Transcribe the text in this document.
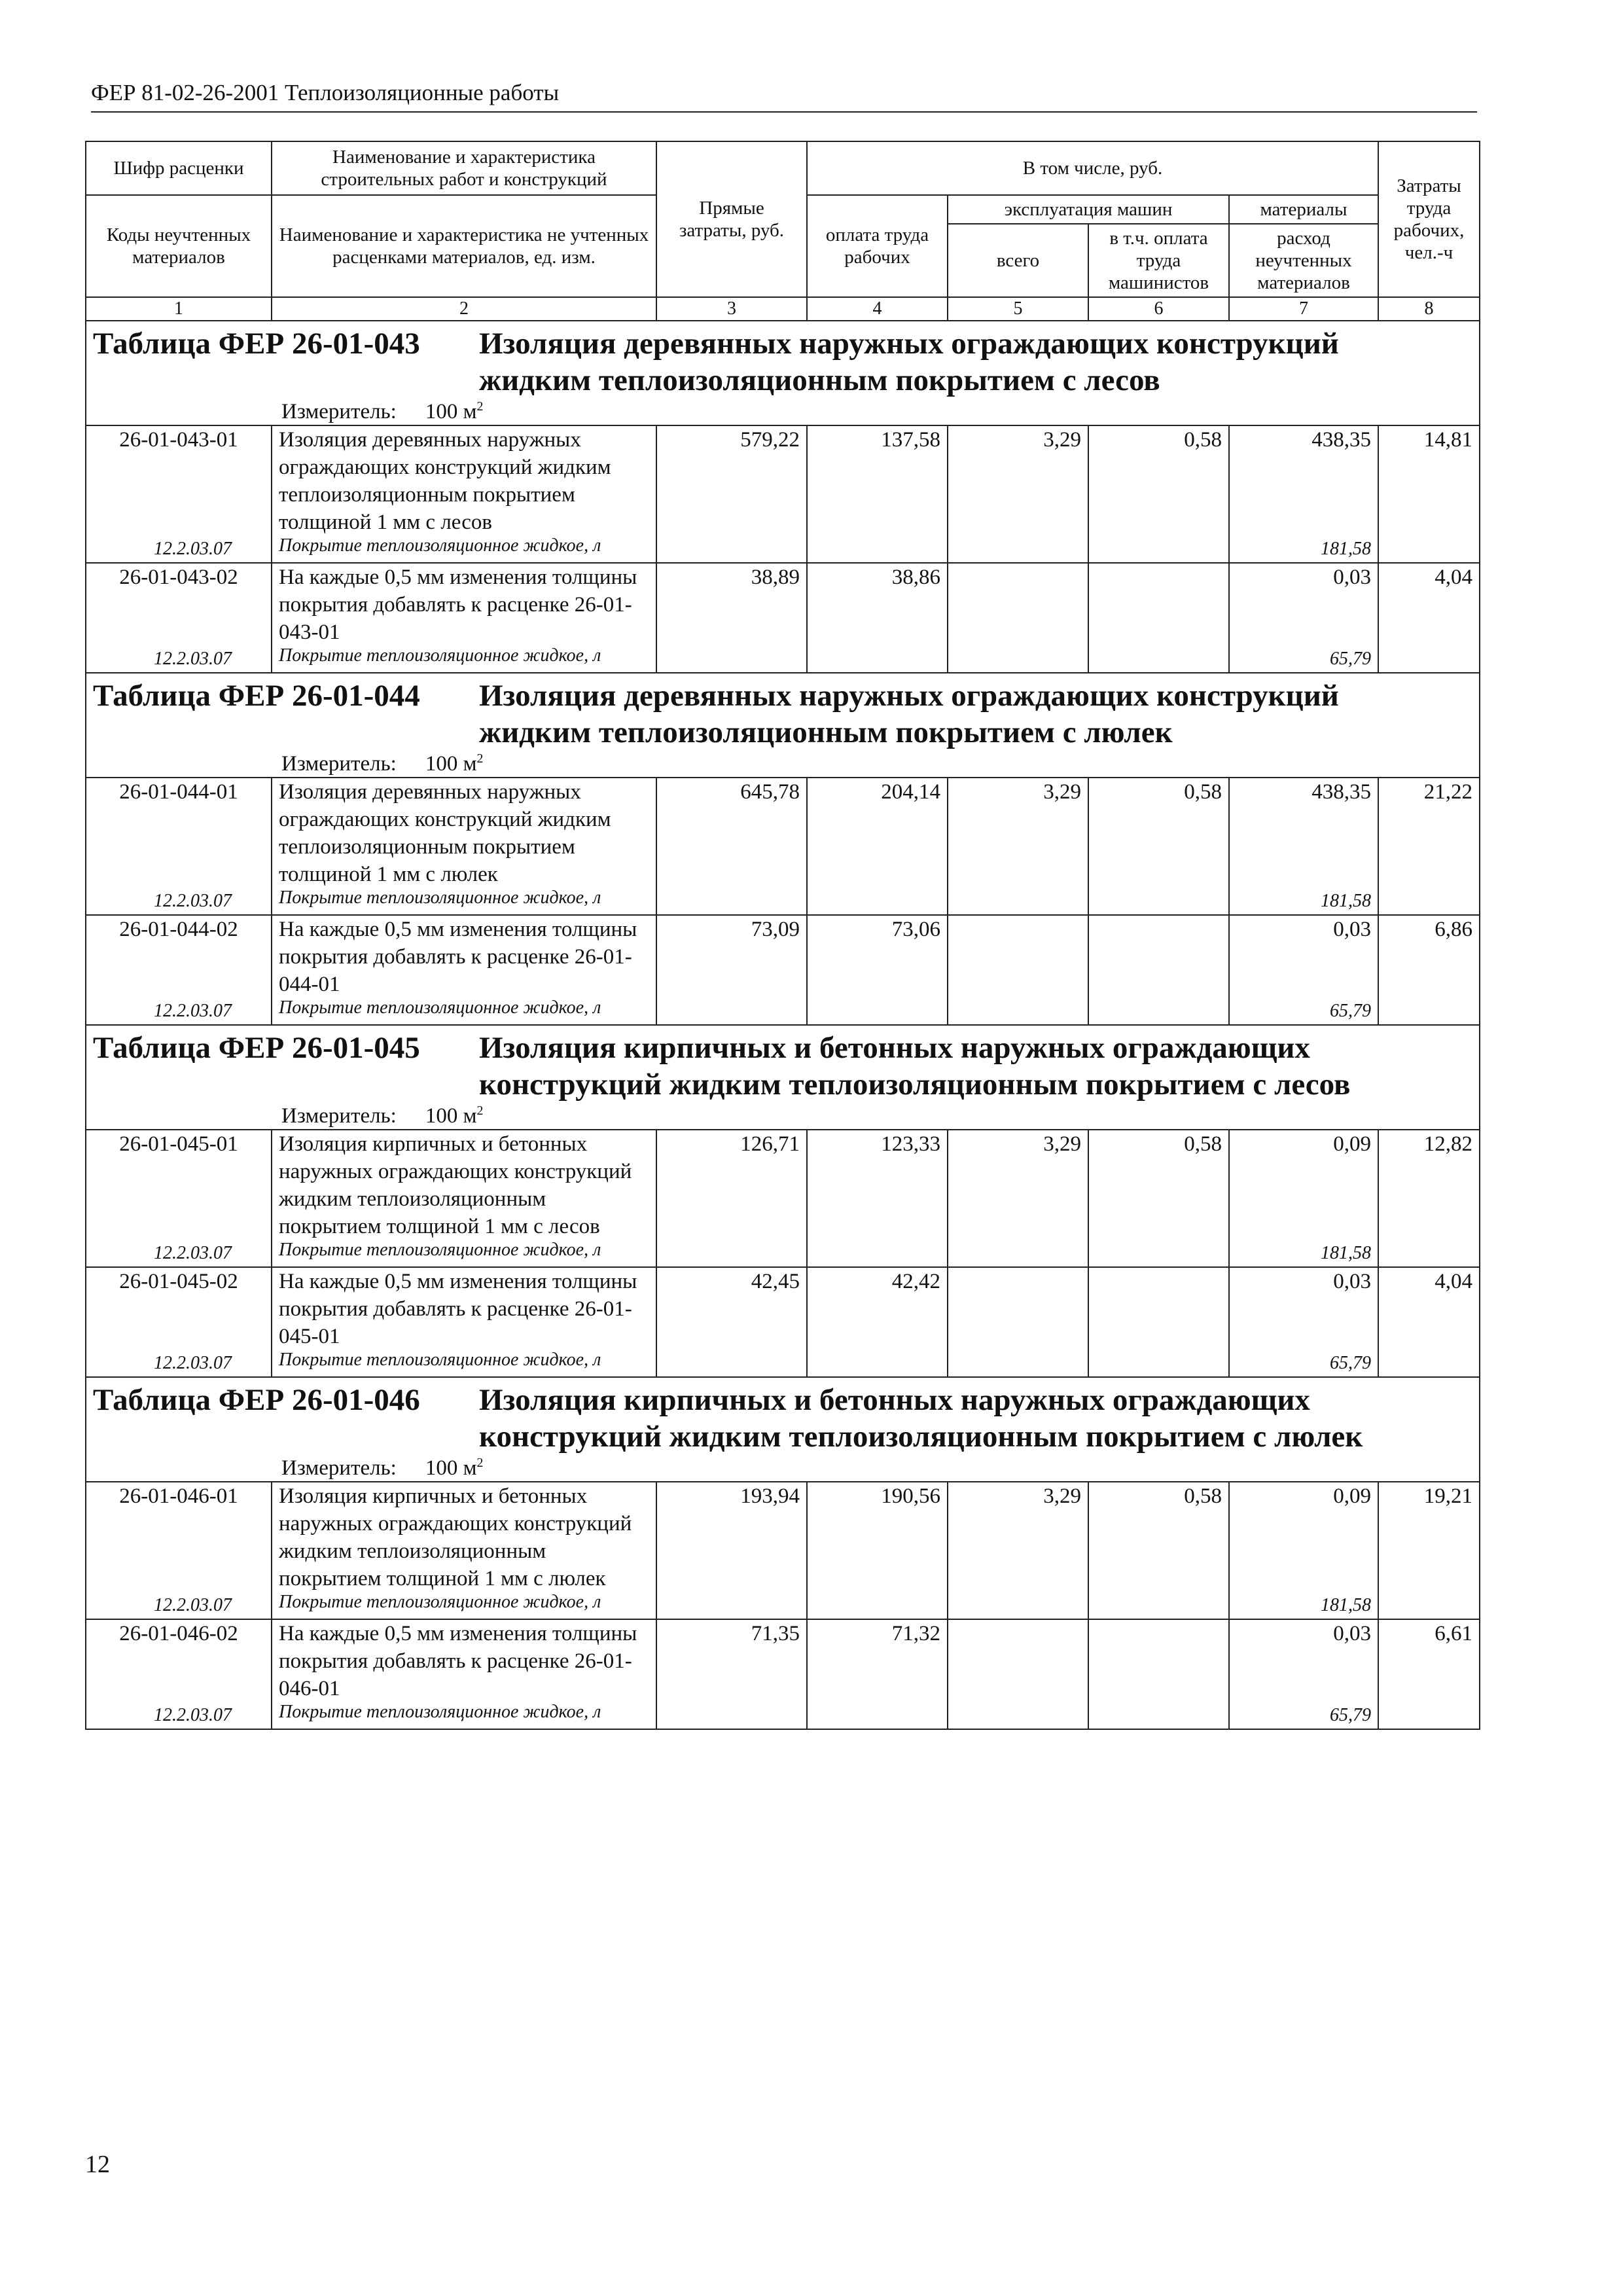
ФЕР 81-02-26-2001 Теплоизоляционные работы
Шифр расценки	Наименование и характеристика строительных работ и конструкций	Прямые затраты, руб.	В том числе, руб.				Затраты труда рабочих, чел.-ч
Коды неучтенных материалов	Наименование и характеристика не учтенных расценками материалов, ед. изм.		оплата труда рабочих	эксплуатация машин		материалы	
				всего	в т.ч. оплата труда машинистов	расход неучтенных материалов	
1	2	3	4	5	6	7	8
Таблица ФЕР 26-01-043 Изоляция деревянных наружных ограждающих конструкций жидким теплоизоляционным покрытием с лесов							
Измеритель: 100 $м^2$
26-01-043-01	Изоляция деревянных наружных ограждающих конструкций жидким теплоизоляционным покрытием толщиной 1 мм с лесов	579,22	137,58	3,29	0,58	438,35	14,81
12.2.03.07	Покрытие теплоизоляционное жидкое, л					181,58	
26-01-043-02	На каждые 0,5 мм изменения толщины покрытия добавлять к расценке 26-01-043-01	38,89	38,86			0,03	4,04
12.2.03.07	Покрытие теплоизоляционное жидкое, л					65,79	
Таблица ФЕР 26-01-044 Изоляция деревянных наружных ограждающих конструкций жидким теплоизоляционным покрытием с люлек							
Измеритель: 100 $м^2$
26-01-044-01	Изоляция деревянных наружных ограждающих конструкций жидким теплоизоляционным покрытием толщиной 1 мм с люлек	645,78	204,14	3,29	0,58	438,35	21,22
12.2.03.07	Покрытие теплоизоляционное жидкое, л					181,58	
26-01-044-02	На каждые 0,5 мм изменения толщины покрытия добавлять к расценке 26-01-044-01	73,09	73,06			0,03	6,86
12.2.03.07	Покрытие теплоизоляционное жидкое, л					65,79	
Таблица ФЕР 26-01-045 Изоляция кирпичных и бетонных наружных ограждающих конструкций жидким теплоизоляционным покрытием с лесов							
Измеритель: 100 $м^2$
26-01-045-01	Изоляция кирпичных и бетонных наружных ограждающих конструкций жидким теплоизоляционным покрытием толщиной 1 мм с лесов	126,71	123,33	3,29	0,58	0,09	12,82
12.2.03.07	Покрытие теплоизоляционное жидкое, л					181,58	
26-01-045-02	На каждые 0,5 мм изменения толщины покрытия добавлять к расценке 26-01-045-01	42,45	42,42			0,03	4,04
12.2.03.07	Покрытие теплоизоляционное жидкое, л					65,79	
Таблица ФЕР 26-01-046 Изоляция кирпичных и бетонных наружных ограждающих конструкций жидким теплоизоляционным покрытием с люлек							
Измеритель: 100 $м^2$
26-01-046-01	Изоляция кирпичных и бетонных наружных ограждающих конструкций жидким теплоизоляционным покрытием толщиной 1 мм с люлек	193,94	190,56	3,29	0,58	0,09	19,21
12.2.03.07	Покрытие теплоизоляционное жидкое, л					181,58	
26-01-046-02	На каждые 0,5 мм изменения толщины покрытия добавлять к расценке 26-01-046-01	71,35	71,32			0,03	6,61
12.2.03.07	Покрытие теплоизоляционное жидкое, л					65,79	
12
